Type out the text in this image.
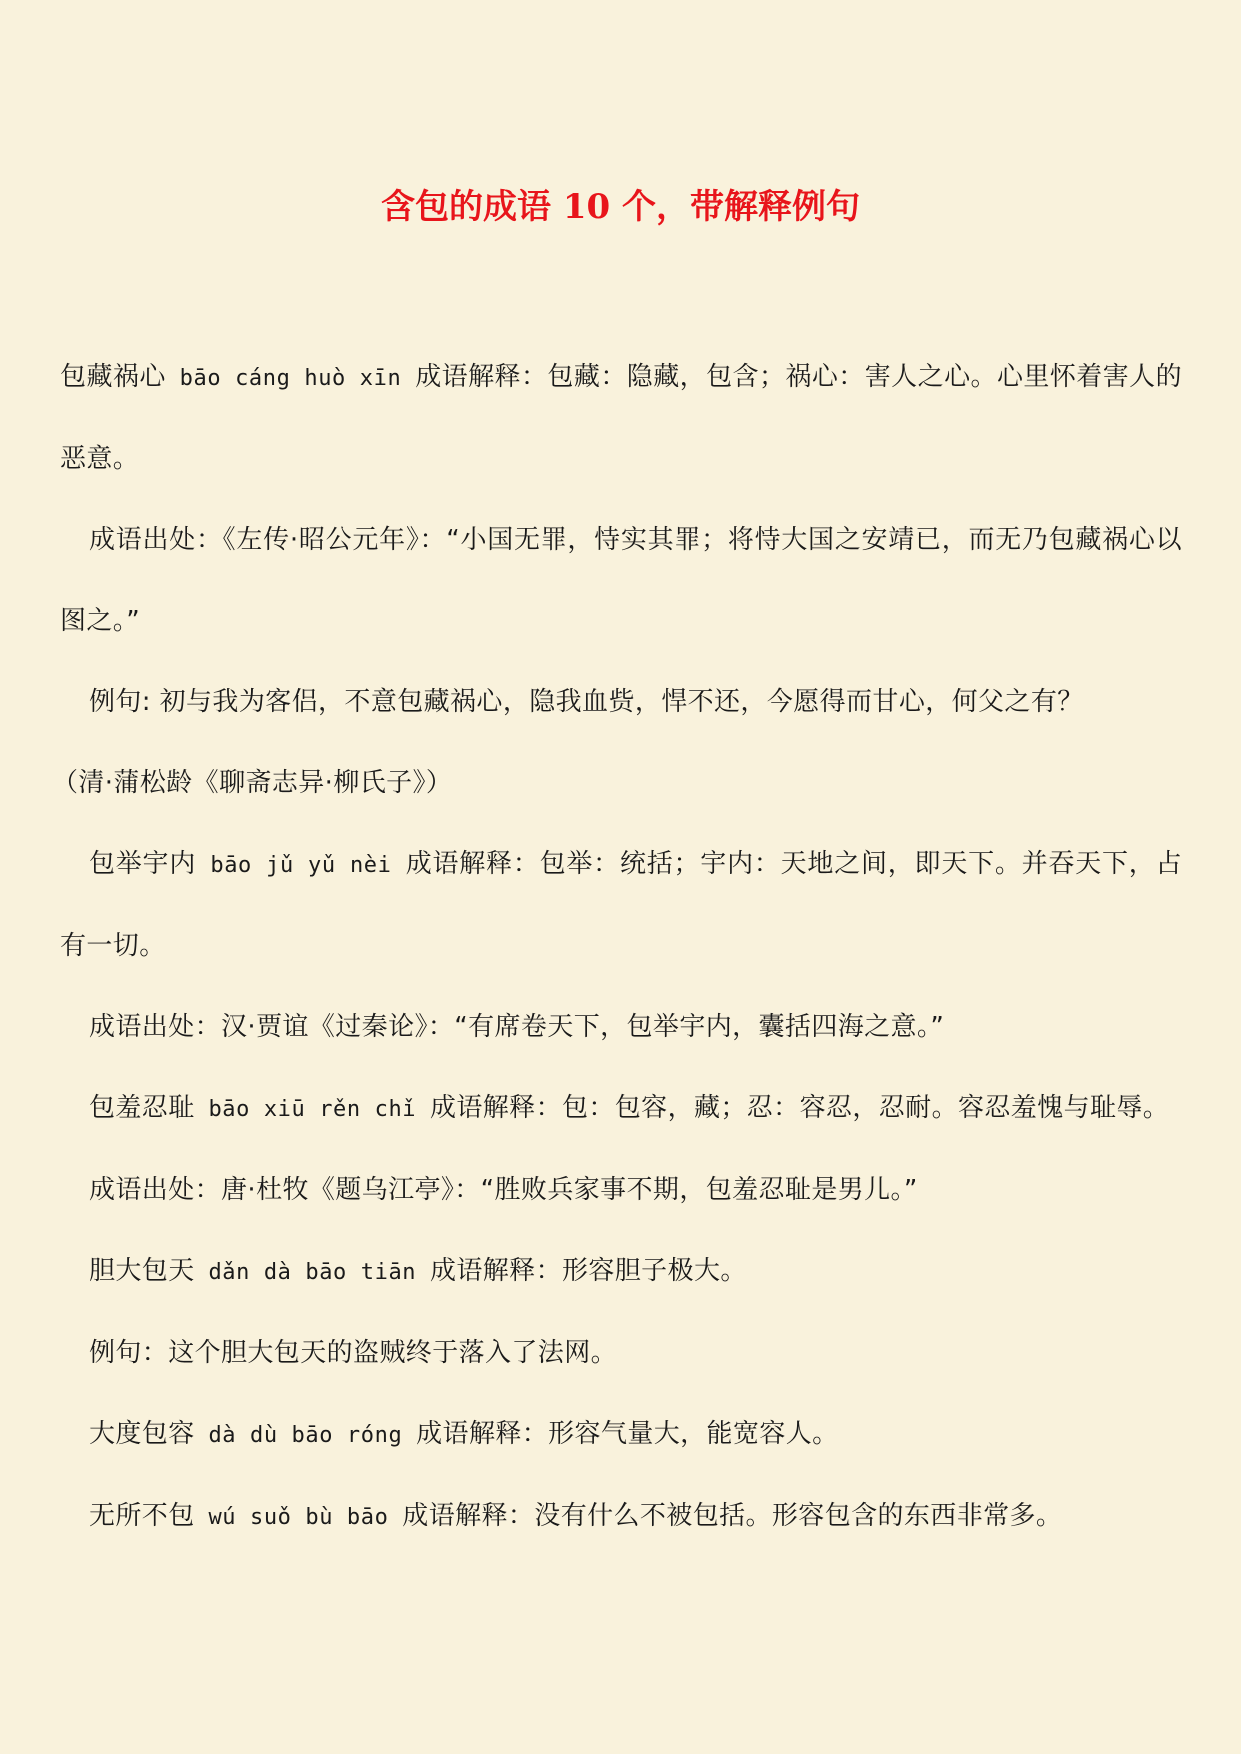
含包的成语 10 个，带解释例句

包藏祸心 bāo cáng huò xīn 成语解释：包藏：隐藏，包含；祸心：害人之心。心里怀着害人的恶意。

成语出处：《左传·昭公元年》：“小国无罪，恃实其罪；将恃大国之安靖已，而无乃包藏祸心以图之。”

例句: 初与我为客侣，不意包藏祸心，隐我血赀，悍不还，今愿得而甘心，何父之有？

（清·蒲松龄《聊斋志异·柳氏子》）

包举宇内 bāo jǔ yǔ nèi 成语解释：包举：统括；宇内：天地之间，即天下。并吞天下，占有一切。

成语出处：汉·贾谊《过秦论》：“有席卷天下，包举宇内，囊括四海之意。”

包羞忍耻 bāo xiū rěn chǐ 成语解释：包：包容，藏；忍：容忍，忍耐。容忍羞愧与耻辱。

成语出处：唐·杜牧《题乌江亭》：“胜败兵家事不期，包羞忍耻是男儿。”

胆大包天 dǎn dà bāo tiān 成语解释：形容胆子极大。

例句：这个胆大包天的盗贼终于落入了法网。

大度包容 dà dù bāo róng 成语解释：形容气量大，能宽容人。

无所不包 wú suǒ bù bāo 成语解释：没有什么不被包括。形容包含的东西非常多。
